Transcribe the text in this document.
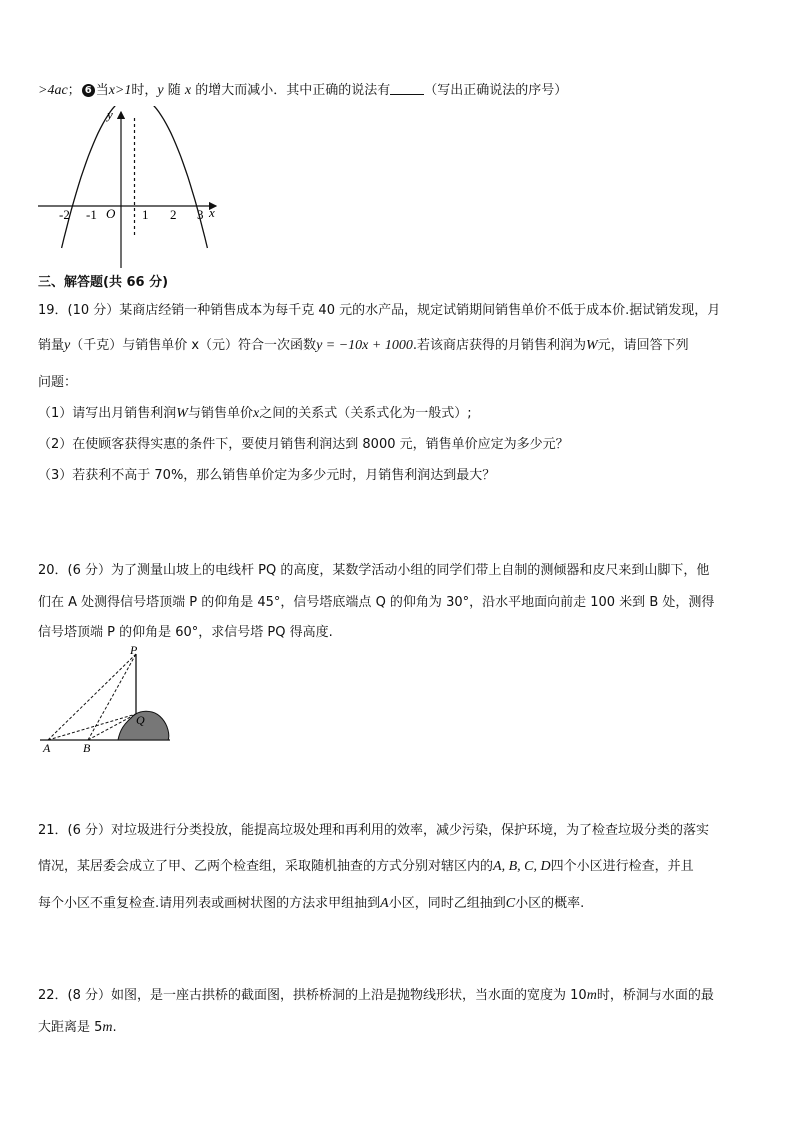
>4ac； 6 当x>1时，y 随 x 的增大而减小．其中正确的说法有	（写出正确说法的序号）
y
x
O
-2 -1	1 2 3
三、解答题(共 66 分)
19．(10 分）某商店经销一种销售成本为每千克 40 元的水产品，规定试销期间销售单价不低于成本价.据试销发现，月
销量y（千克）与销售单价 x（元）符合一次函数y = −10x + 1000.若该商店获得的月销售利润为W元，请回答下列
问题：
（1）请写出月销售利润W与销售单价x之间的关系式（关系式化为一般式）;
（2）在使顾客获得实惠的条件下，要使月销售利润达到 8000 元，销售单价应定为多少元？
（3）若获利不高于 70%，那么销售单价定为多少元时，月销售利润达到最大？
20．(6 分）为了测量山坡上的电线杆 PQ 的高度，某数学活动小组的同学们带上自制的测倾器和皮尺来到山脚下，他
们在 A 处测得信号塔顶端 P 的仰角是 45°，信号塔底端点 Q 的仰角为 30°，沿水平地面向前走 100 米到 B 处，测得
信号塔顶端 P 的仰角是 60°，求信号塔 PQ 得高度.
P
Q
A	B
21．(6 分）对垃圾进行分类投放，能提高垃圾处理和再利用的效率，减少污染，保护环境，为了检查垃圾分类的落实
情况，某居委会成立了甲、乙两个检查组，采取随机抽查的方式分别对辖区内的A, B, C, D四个小区进行检查，并且
每个小区不重复检查.请用列表或画树状图的方法求甲组抽到A小区，同时乙组抽到C小区的概率.
22．(8 分）如图，是一座古拱桥的截面图，拱桥桥洞的上沿是抛物线形状，当水面的宽度为 10m时，桥洞与水面的最
大距离是 5m.
